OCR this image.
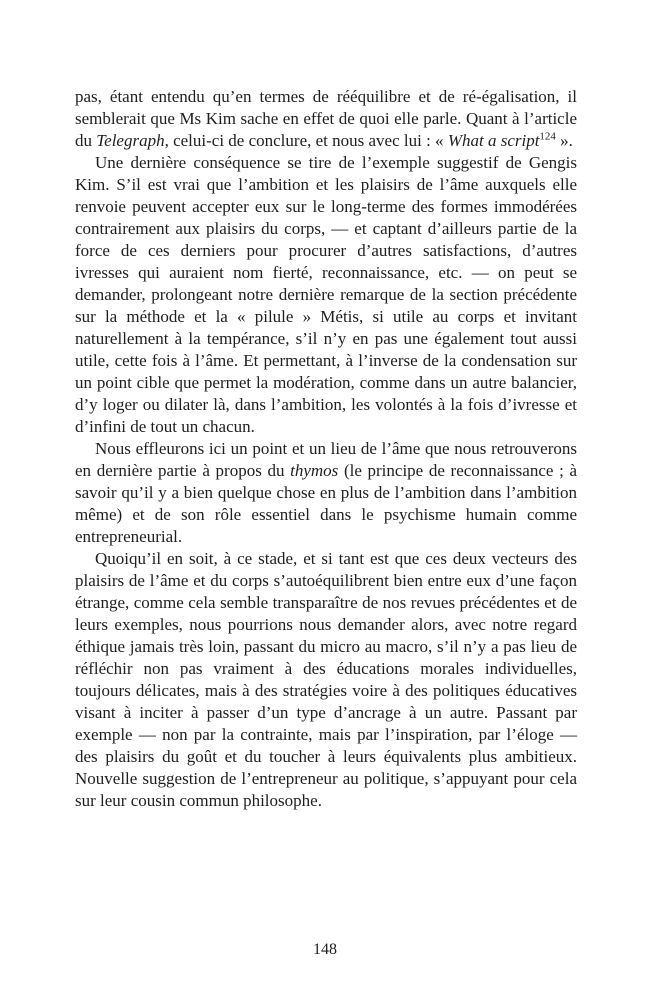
pas, étant entendu qu’en termes de rééquilibre et de ré-égalisation, il semblerait que Ms Kim sache en effet de quoi elle parle. Quant à l’article du Telegraph, celui-ci de conclure, et nous avec lui : « What a script$^{124}$ ».

Une dernière conséquence se tire de l’exemple suggestif de Gengis Kim. S’il est vrai que l’ambition et les plaisirs de l’âme auxquels elle renvoie peuvent accepter eux sur le long-terme des formes immodérées contrairement aux plaisirs du corps, — et captant d’ailleurs partie de la force de ces derniers pour procurer d’autres satisfactions, d’autres ivresses qui auraient nom fierté, reconnaissance, etc. — on peut se demander, prolongeant notre dernière remarque de la section précédente sur la méthode et la « pilule » Métis, si utile au corps et invitant naturellement à la tempérance, s’il n’y en pas une également tout aussi utile, cette fois à l’âme. Et permettant, à l’inverse de la condensation sur un point cible que permet la modération, comme dans un autre balancier, d’y loger ou dilater là, dans l’ambition, les volontés à la fois d’ivresse et d’infini de tout un chacun.

Nous effleurons ici un point et un lieu de l’âme que nous retrouverons en dernière partie à propos du thymos (le principe de reconnaissance ; à savoir qu’il y a bien quelque chose en plus de l’ambition dans l’ambition même) et de son rôle essentiel dans le psychisme humain comme entrepreneurial.

Quoiqu’il en soit, à ce stade, et si tant est que ces deux vecteurs des plaisirs de l’âme et du corps s’autoéquilibrent bien entre eux d’une façon étrange, comme cela semble transparaître de nos revues précédentes et de leurs exemples, nous pourrions nous demander alors, avec notre regard éthique jamais très loin, passant du micro au macro, s’il n’y a pas lieu de réfléchir non pas vraiment à des éducations morales individuelles, toujours délicates, mais à des stratégies voire à des politiques éducatives visant à inciter à passer d’un type d’ancrage à un autre. Passant par exemple — non par la contrainte, mais par l’inspiration, par l’éloge — des plaisirs du goût et du toucher à leurs équivalents plus ambitieux. Nouvelle suggestion de l’entrepreneur au politique, s’appuyant pour cela sur leur cousin commun philosophe.

148
